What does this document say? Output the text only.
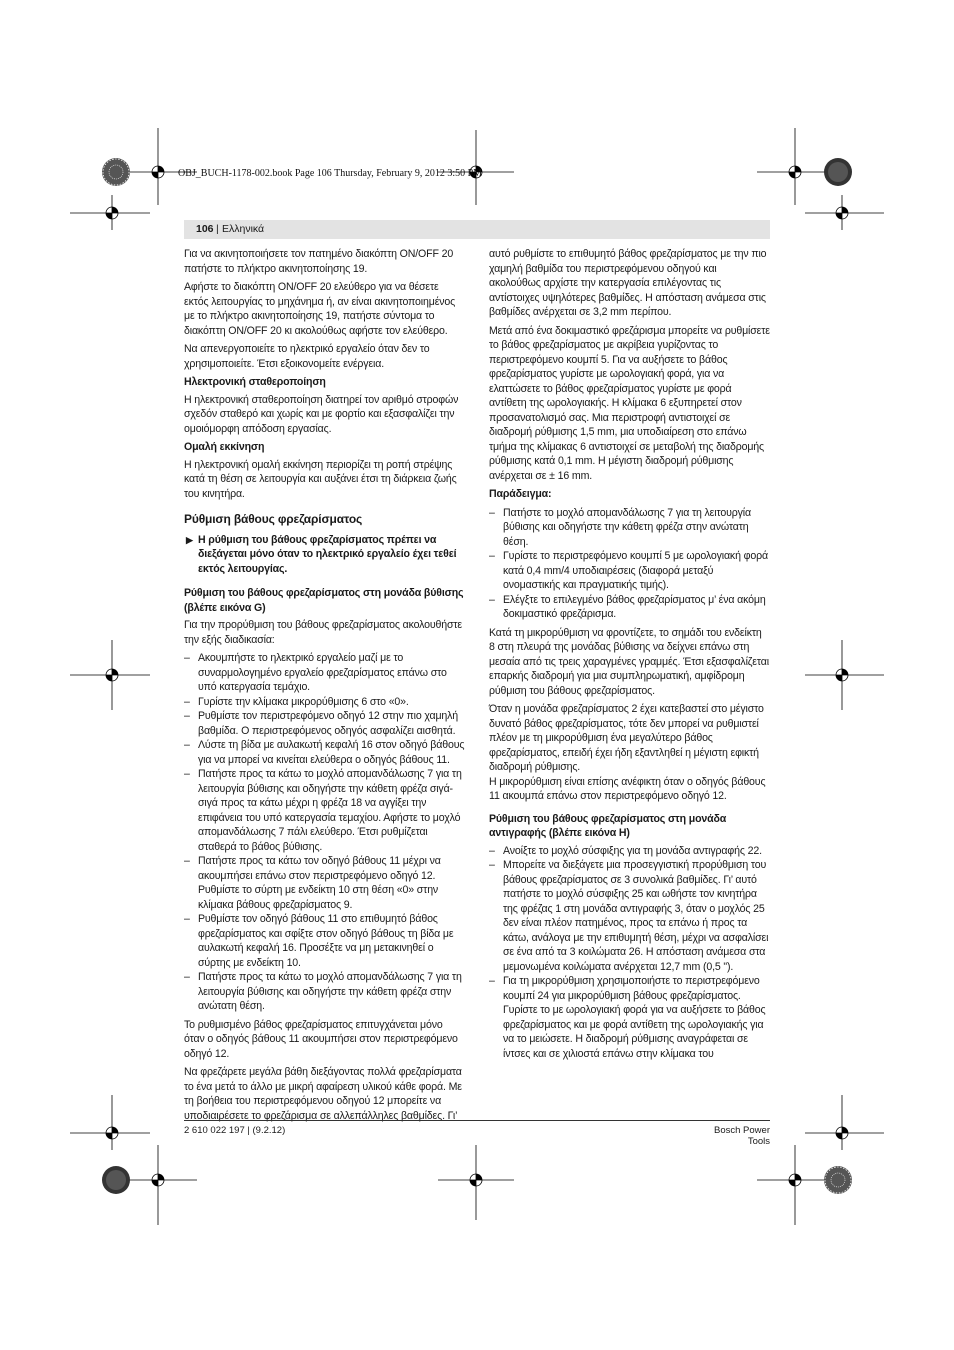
OBJ_BUCH-1178-002.book Page 106 Thursday, February 9, 2012 3:50 PM
106 | Ελληνικά

Για να ακινητοποιήσετε τον πατημένο διακόπτη ON/OFF 20 πατήστε το πλήκτρο ακινητοποίησης 19.

Αφήστε το διακόπτη ON/OFF 20 ελεύθερο για να θέσετε εκτός λειτουργίας το μηχάνημα ή, αν είναι ακινητοποιημένος με το πλήκτρο ακινητοποίησης 19, πατήστε σύντομα το διακόπτη ON/OFF 20 κι ακολούθως αφήστε τον ελεύθερο.

Να απενεργοποιείτε το ηλεκτρικό εργαλείο όταν δεν το χρησιμοποιείτε. Έτσι εξοικονομείτε ενέργεια.

Ηλεκτρονική σταθεροποίηση

Η ηλεκτρονική σταθεροποίηση διατηρεί τον αριθμό στροφών σχεδόν σταθερό και χωρίς και με φορτίο και εξασφαλίζει την ομοιόμορφη απόδοση εργασίας.

Ομαλή εκκίνηση

Η ηλεκτρονική ομαλή εκκίνηση περιορίζει τη ροπή στρέψης κατά τη θέση σε λειτουργία και αυξάνει έτσι τη διάρκεια ζωής του κινητήρα.

Ρύθμιση βάθους φρεζαρίσματος
▶ Η ρύθμιση του βάθους φρεζαρίσματος πρέπει να διεξάγεται μόνο όταν το ηλεκτρικό εργαλείο έχει τεθεί εκτός λειτουργίας.
Ρύθμιση του βάθους φρεζαρίσματος στη μονάδα βύθισης (βλέπε εικόνα G)

Για την προρύθμιση του βάθους φρεζαρίσματος ακολουθήστε την εξής διαδικασία:

– Ακουμπήστε το ηλεκτρικό εργαλείο μαζί με το συναρμολογημένο εργαλείο φρεζαρίσματος επάνω στο υπό κατεργασία τεμάχιο.
– Γυρίστε την κλίμακα μικρορύθμισης 6 στο «0».
– Ρυθμίστε τον περιστρεφόμενο οδηγό 12 στην πιο χαμηλή βαθμίδα. Ο περιστρεφόμενος οδηγός ασφαλίζει αισθητά.
– Λύστε τη βίδα με αυλακωτή κεφαλή 16 στον οδηγό βάθους για να μπορεί να κινείται ελεύθερα ο οδηγός βάθους 11.
– Πατήστε προς τα κάτω το μοχλό απομανδάλωσης 7 για τη λειτουργία βύθισης και οδηγήστε την κάθετη φρέζα σιγά-σιγά προς τα κάτω μέχρι η φρέζα 18 να αγγίξει την επιφάνεια του υπό κατεργασία τεμαχίου. Αφήστε το μοχλό απομανδάλωσης 7 πάλι ελεύθερο. Έτσι ρυθμίζεται σταθερά το βάθος βύθισης.
– Πατήστε προς τα κάτω τον οδηγό βάθους 11 μέχρι να ακουμπήσει επάνω στον περιστρεφόμενο οδηγό 12. Ρυθμίστε το σύρτη με ενδείκτη 10 στη θέση «0» στην κλίμακα βάθους φρεζαρίσματος 9.
– Ρυθμίστε τον οδηγό βάθους 11 στο επιθυμητό βάθος φρεζαρίσματος και σφίξτε στον οδηγό βάθους τη βίδα με αυλακωτή κεφαλή 16. Προσέξτε να μη μετακινηθεί ο σύρτης με ενδείκτη 10.
– Πατήστε προς τα κάτω το μοχλό απομανδάλωσης 7 για τη λειτουργία βύθισης και οδηγήστε την κάθετη φρέζα στην ανώτατη θέση.

Το ρυθμισμένο βάθος φρεζαρίσματος επιτυγχάνεται μόνο όταν ο οδηγός βάθους 11 ακουμπήσει στον περιστρεφόμενο οδηγό 12.

Να φρεζάρετε μεγάλα βάθη διεξάγοντας πολλά φρεζαρίσματα το ένα μετά το άλλο με μικρή αφαίρεση υλικού κάθε φορά. Με τη βοήθεια του περιστρεφόμενου οδηγού 12 μπορείτε να υποδιαιρέσετε το φρεζάρισμα σε αλλεπάλληλες βαθμίδες. Γι’

αυτό ρυθμίστε το επιθυμητό βάθος φρεζαρίσματος με την πιο χαμηλή βαθμίδα του περιστρεφόμενου οδηγού και ακολούθως αρχίστε την κατεργασία επιλέγοντας τις αντίστοιχες υψηλότερες βαθμίδες. Η απόσταση ανάμεσα στις βαθμίδες ανέρχεται σε 3,2 mm περίπου.

Μετά από ένα δοκιμαστικό φρεζάρισμα μπορείτε να ρυθμίσετε το βάθος φρεζαρίσματος με ακρίβεια γυρίζοντας το περιστρεφόμενο κουμπί 5. Για να αυξήσετε το βάθος φρεζαρίσματος γυρίστε με ωρολογιακή φορά, για να ελαττώσετε το βάθος φρεζαρίσματος γυρίστε με φορά αντίθετη της ωρολογιακής. Η κλίμακα 6 εξυπηρετεί στον προσανατολισμό σας. Μια περιστροφή αντιστοιχεί σε διαδρομή ρύθμισης 1,5 mm, μια υποδιαίρεση στο επάνω τμήμα της κλίμακας 6 αντιστοιχεί σε μεταβολή της διαδρομής ρύθμισης κατά 0,1 mm. Η μέγιστη διαδρομή ρύθμισης ανέρχεται σε ± 16 mm.

Παράδειγμα:

– Πατήστε το μοχλό απομανδάλωσης 7 για τη λειτουργία βύθισης και οδηγήστε την κάθετη φρέζα στην ανώτατη θέση.
– Γυρίστε το περιστρεφόμενο κουμπί 5 με ωρολογιακή φορά κατά 0,4 mm/4 υποδιαιρέσεις (διαφορά μεταξύ ονομαστικής και πραγματικής τιμής).
– Ελέγξτε το επιλεγμένο βάθος φρεζαρίσματος μ’ ένα ακόμη δοκιμαστικό φρεζάρισμα.

Κατά τη μικρορύθμιση να φροντίζετε, το σημάδι του ενδείκτη 8 στη πλευρά της μονάδας βύθισης να δείχνει επάνω στη μεσαία από τις τρεις χαραγμένες γραμμές. Έτσι εξασφαλίζεται επαρκής διαδρομή για μια συμπληρωματική, αμφίδρομη ρύθμιση του βάθους φρεζαρίσματος.

Όταν η μονάδα φρεζαρίσματος 2 έχει κατεβαστεί στο μέγιστο δυνατό βάθος φρεζαρίσματος, τότε δεν μπορεί να ρυθμιστεί πλέον με τη μικρορύθμιση ένα μεγαλύτερο βάθος φρεζαρίσματος, επειδή έχει ήδη εξαντληθεί η μέγιστη εφικτή διαδρομή ρύθμισης.

Η μικρορύθμιση είναι επίσης ανέφικτη όταν ο οδηγός βάθους 11 ακουμπά επάνω στον περιστρεφόμενο οδηγό 12.

Ρύθμιση του βάθους φρεζαρίσματος στη μονάδα αντιγραφής (βλέπε εικόνα H)
– Ανοίξτε το μοχλό σύσφιξης για τη μονάδα αντιγραφής 22.
– Μπορείτε να διεξάγετε μια προσεγγιστική προρύθμιση του βάθους φρεζαρίσματος σε 3 συνολικά βαθμίδες. Γι’ αυτό πατήστε το μοχλό σύσφιξης 25 και ωθήστε τον κινητήρα της φρέζας 1 στη μονάδα αντιγραφής 3, όταν ο μοχλός 25 δεν είναι πλέον πατημένος, προς τα επάνω ή προς τα κάτω, ανάλογα με την επιθυμητή θέση, μέχρι να ασφαλίσει σε ένα από τα 3 κοιλώματα 26. Η απόσταση ανάμεσα στα μεμονωμένα κοιλώματα ανέρχεται 12,7 mm (0,5 ").
– Για τη μικρορύθμιση χρησιμοποιήστε το περιστρεφόμενο κουμπί 24 για μικρορύθμιση βάθους φρεζαρίσματος. Γυρίστε το με ωρολογιακή φορά για να αυξήσετε το βάθος φρεζαρίσματος και με φορά αντίθετη της ωρολογιακής για να το μειώσετε. Η διαδρομή ρύθμισης αναγράφεται σε ίντσες και σε χιλιοστά επάνω στην κλίμακα του
2 610 022 197 | (9.2.12)	Bosch Power Tools
